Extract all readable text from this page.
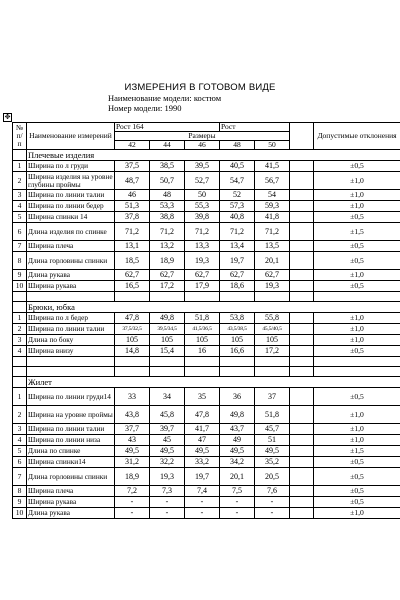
ИЗМЕРЕНИЯ В ГОТОВОМ ВИДЕ
Наименование модели: костюм
Номер модели: 1990
✥
№ п/ п	Наименование измерений	Рост 164			Рост			Допустимые отклонения
		Размеры						
		42	44	46	48	50		
	Плечевые изделия							
1	Ширина по л груди	37,5	38,5	39,5	40,5	41,5		±0,5
2	Ширина изделия на уровне глубины проймы	48,7	50,7	52,7	54,7	56,7		±1,0
3	Ширина по линии талии	46	48	50	52	54		±1,0
4	Ширина по линии бедер	51,3	53,3	55,3	57,3	59,3		±1,0
5	Ширина спинки 14	37,8	38,8	39,8	40,8	41,8		±0,5
6	Длина изделия по спинке	71,2	71,2	71,2	71,2	71,2		±1,5
7	Ширина плеча	13,1	13,2	13,3	13,4	13,5		±0,5
8	Длина горловины спинки	18,5	18,9	19,3	19,7	20,1		±0,5
9	Длина рукава	62,7	62,7	62,7	62,7	62,7		±1,0
10	Ширина рукава	16,5	17,2	17,9	18,6	19,3		±0,5

	Брюки, юбка							
1	Ширина по л бедер	47,8	49,8	51,8	53,8	55,8		±1,0
2	Ширина по линии талии	37,5/32,5	39,5/34,5	41,5/36,5	43,5/38,5	45,5/40,5		±1,0
3	Длина по боку	105	105	105	105	105		±1,0
4	Ширина внизу	14,8	15,4	16	16,6	17,2		±0,5

	Жилет							
1	Ширина по линии груди14	33	34	35	36	37		±0,5
2	Ширина на уровне проймы	43,8	45,8	47,8	49,8	51,8		±1,0
3	Ширина по линии талии	37,7	39,7	41,7	43,7	45,7		±1,0
4	Ширина по линии низа	43	45	47	49	51		±1,0
5	Длина по спинке	49,5	49,5	49,5	49,5	49,5		±1,5
6	Ширина спинки14	31,2	32,2	33,2	34,2	35,2		±0,5
7	Длина горловины спинки	18,9	19,3	19,7	20,1	20,5		±0,5
8	Ширина плеча	7,2	7,3	7,4	7,5	7,6		±0,5
9	Ширина рукава	-	-	-	-	-		±0,5
10	Длина рукава	-	-	-	-	-		±1,0
